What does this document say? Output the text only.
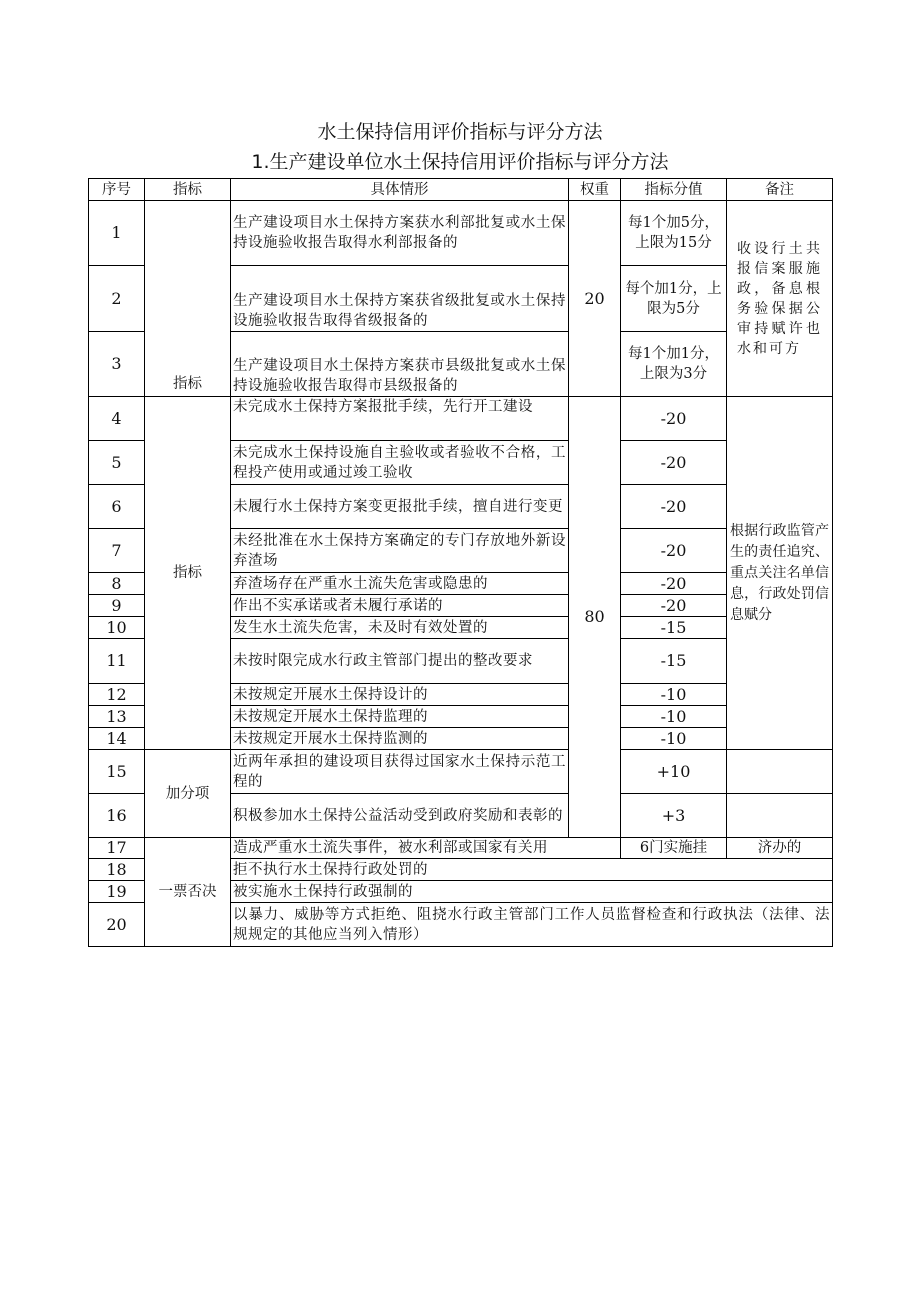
水土保持信用评价指标与评分方法
1.生产建设单位水土保持信用评价指标与评分方法
序号	指标	具体情形	权重	指标分值	备注
1	指标	生产建设项目水土保持方案获水利部批复或水土保持设施验收报告取得水利部报备的	20	每1个加5分，上限为15分	收设行土共报信案服施政，备息根务验保据公审持赋许也水和可方
2		生产建设项目水土保持方案获省级批复或水土保持设施验收报告取得省级报备的		每个加1分，上限为5分	
3		生产建设项目水土保持方案获市县级批复或水土保持设施验收报告取得市县级报备的		每1个加1分，上限为3分	
4	指标	未完成水土保持方案报批手续，先行开工建设	80	-20	根据行政监管产生的责任追究、重点关注名单信息，行政处罚信息赋分
5		未完成水土保持设施自主验收或者验收不合格，工程投产使用或通过竣工验收		-20	
6		未履行水土保持方案变更报批手续，擅自进行变更		-20	
7		未经批准在水土保持方案确定的专门存放地外新设弃渣场		-20	
8		弃渣场存在严重水土流失危害或隐患的		-20	
9		作出不实承诺或者未履行承诺的		-20	
10		发生水土流失危害，未及时有效处置的		-15	
11		未按时限完成水行政主管部门提出的整改要求		-15	
12		未按规定开展水土保持设计的		-10	
13		未按规定开展水土保持监理的		-10	
14		未按规定开展水土保持监测的		-10	
15	加分项	近两年承担的建设项目获得过国家水土保持示范工程的		+10	
16		积极参加水土保持公益活动受到政府奖励和表彰的		+3	
17	一票否决	造成严重水土流失事件，被水利部或国家有关用		6门实施挂	济办的
18		拒不执行水土保持行政处罚的			
19		被实施水土保持行政强制的			
20		以暴力、威胁等方式拒绝、阻挠水行政主管部门工作人员监督检查和行政执法（法律、法规规定的其他应当列入情形）			
